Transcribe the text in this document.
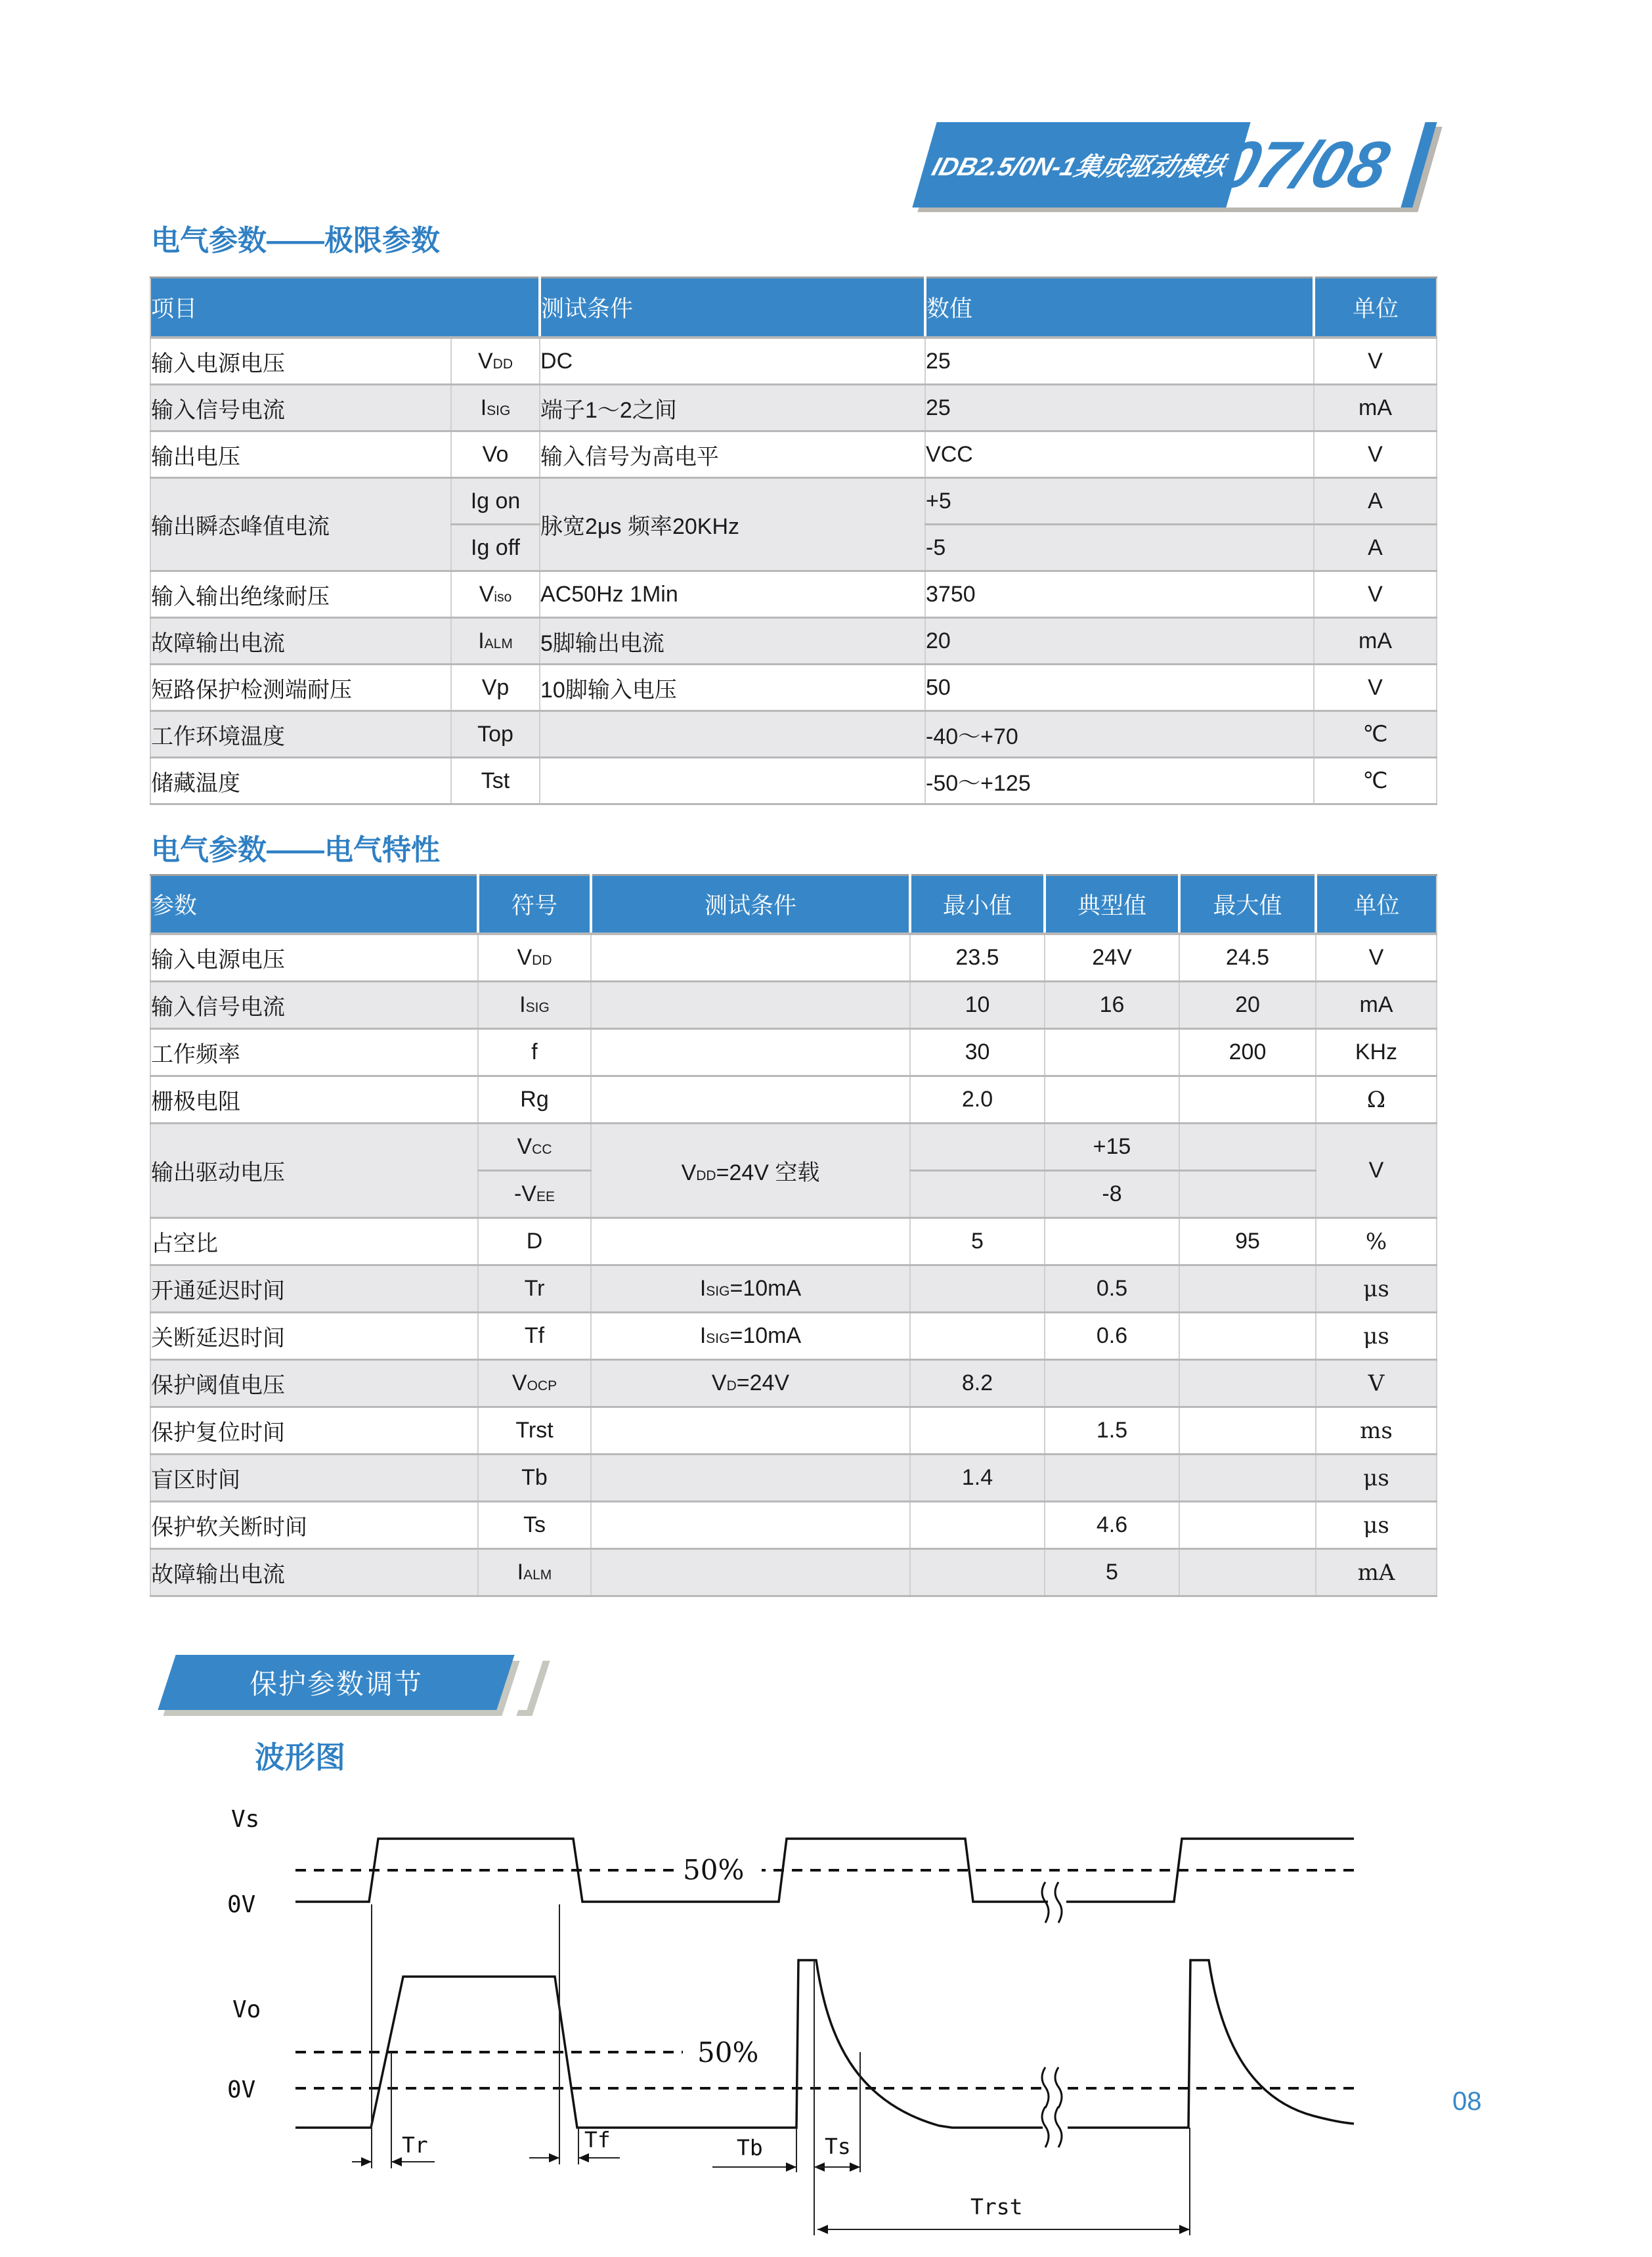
IDB2.5/0N-1集成驱动模块
07/08
电气参数——极限参数
项目		测试条件	数值	单位
输入电源电压	VDD	DC	25	V
输入信号电流	ISIG	端子1～2之间	25	mA
输出电压	Vo	输入信号为高电平	VCC	V
输出瞬态峰值电流	Ig on	脉宽2μs 频率20KHz	+5	A
	Ig off		-5	A
输入输出绝缘耐压	Viso	AC50Hz 1Min	3750	V
故障输出电流	IALM	5脚输出电流	20	mA
短路保护检测端耐压	Vp	10脚输入电压	50	V
工作环境温度	Top		-40～+70	℃
储藏温度	Tst		-50～+125	℃
电气参数——电气特性
参数	符号	测试条件	最小值	典型值	最大值	单位
输入电源电压	VDD		23.5	24V	24.5	V
输入信号电流	ISIG		10	16	20	mA
工作频率	f		30		200	KHz
栅极电阻	Rg		2.0			Ω
输出驱动电压	VCC	VDD=24V 空载		+15		V
	-VEE			-8		
占空比	D		5		95	%
开通延迟时间	Tr	ISIG=10mA		0.5		μs
关断延迟时间	Tf	ISIG=10mA		0.6		μs
保护阈值电压	VOCP	VD=24V	8.2			V
保护复位时间	Trst			1.5		ms
盲区时间	Tb		1.4			μs
保护软关断时间	Ts			4.6		μs
故障输出电流	IALM			5		mA
保护参数调节
波形图
Vs
0V
Vo
0V
50%
50%
Tr	Tf	Tb	Ts
Trst
08
